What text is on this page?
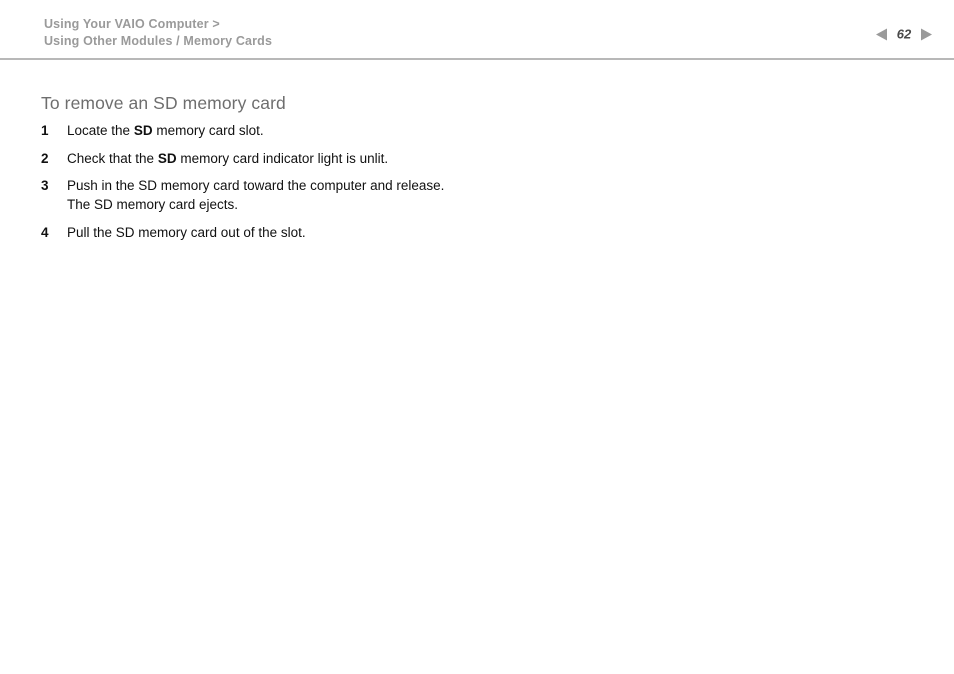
Using Your VAIO Computer >
Using Other Modules / Memory Cards	62
To remove an SD memory card
1	Locate the SD memory card slot.
2	Check that the SD memory card indicator light is unlit.
3	Push in the SD memory card toward the computer and release.
The SD memory card ejects.
4	Pull the SD memory card out of the slot.
